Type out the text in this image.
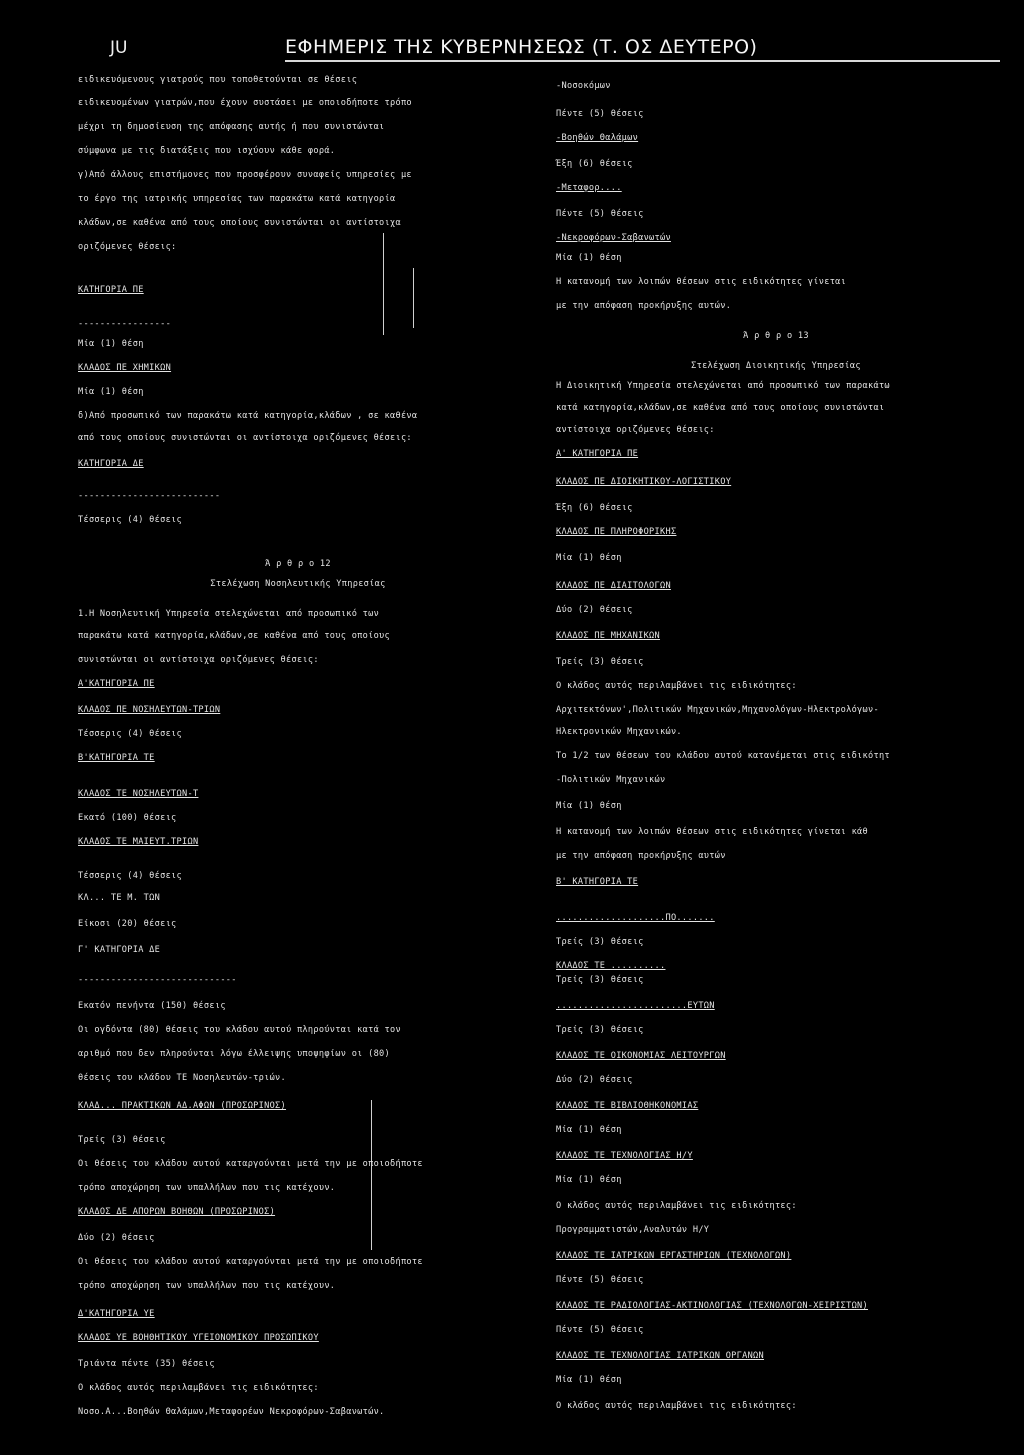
JU	ΕΦΗΜΕΡΙΣ ΤΗΣ ΚΥΒΕΡΝΗΣΕΩΣ (Τ. ΟΣ ΔΕΥΤΕΡΟ)
ειδικευόμενους γιατρούς που τοποθετούνται σε θέσεις
ειδικευομένων γιατρών,που έχουν συστάσει με οποιοδήποτε τρόπο
μέχρι τη δημοσίευση της απόφασης αυτής ή που συνιστώνται
σύμφωνα με τις διατάξεις που ισχύουν κάθε φορά.
γ)Από άλλους επιστήμονες που προσφέρουν συναφείς υπηρεσίες με
το έργο της ιατρικής υπηρεσίας των παρακάτω κατά κατηγορία
κλάδων,σε καθένα από τους οποίους συνιστώνται οι αντίστοιχα
οριζόμενες θέσεις:
ΚΑΤΗΓΟΡΙΑ ΠΕ
-----------------
Μία (1) θέση
ΚΛΑΔΟΣ ΠΕ ΧΗΜΙΚΩΝ
Μία (1) θέση
δ)Από προσωπικό των παρακάτω κατά κατηγορία,κλάδων , σε καθένα
από τους οποίους συνιστώνται οι αντίστοιχα οριζόμενες θέσεις:
ΚΑΤΗΓΟΡΙΑ ΔΕ
--------------------------
Τέσσερις (4) θέσεις
Ά ρ θ ρ ο 12
Στελέχωση Νοσηλευτικής Υπηρεσίας
1.Η Νοσηλευτική Υπηρεσία στελεχώνεται από προσωπικό των
παρακάτω κατά κατηγορία,κλάδων,σε καθένα από τους οποίους
συνιστώνται οι αντίστοιχα οριζόμενες θέσεις:
Α'ΚΑΤΗΓΟΡΙΑ ΠΕ
ΚΛΑΔΟΣ ΠΕ ΝΟΣΗΛΕΥΤΩΝ-ΤΡΙΩΝ
Τέσσερις (4) θέσεις
Β'ΚΑΤΗΓΟΡΙΑ ΤΕ
ΚΛΑΔΟΣ ΤΕ ΝΟΣΗΛΕΥΤΩΝ-Τ
Εκατό (100) θέσεις
ΚΛΑΔΟΣ ΤΕ ΜΑΙΕΥΤ.ΤΡΙΩΝ
Τέσσερις (4) θέσεις
ΚΛ... ΤΕ Μ. ΤΩΝ
Είκοσι (20) θέσεις
Γ' ΚΑΤΗΓΟΡΙΑ ΔΕ
-----------------------------
Εκατόν πενήντα (150) θέσεις
Οι ογδόντα (80) θέσεις του κλάδου αυτού πληρούνται κατά τον
αριθμό που δεν πληρούνται λόγω έλλειψης υποψηφίων οι (80)
θέσεις του κλάδου ΤΕ Νοσηλευτών-τριών.
ΚΛΑΔ... ΠΡΑΚΤΙΚΩΝ ΑΔ.ΑΦΩΝ (ΠΡΟΣΩΡΙΝΟΣ)
Τρείς (3) θέσεις
Οι θέσεις του κλάδου αυτού καταργούνται μετά την με οποιοδήποτε
τρόπο αποχώρηση των υπαλλήλων που τις κατέχουν.
ΚΛΑΔΟΣ ΔΕ ΑΠΟΡΩΝ ΒΟΗΘΩΝ (ΠΡΟΣΩΡΙΝΟΣ)
Δύο (2) θέσεις
Οι θέσεις του κλάδου αυτού καταργούνται μετά την με οποιοδήποτε
τρόπο αποχώρηση των υπαλλήλων που τις κατέχουν.
Δ'ΚΑΤΗΓΟΡΙΑ ΥΕ
ΚΛΑΔΟΣ ΥΕ ΒΟΗΘΗΤΙΚΟΥ ΥΓΕΙΟΝΟΜΙΚΟΥ ΠΡΟΣΩΠΙΚΟΥ
Τριάντα πέντε (35) θέσεις
Ο κλάδος αυτός περιλαμβάνει τις ειδικότητες:
Νοσο.Α...Βοηθών Θαλάμων,Μεταφορέων Νεκροφόρων-Σαβανωτών.
-Νοσοκόμων
Πέντε (5) θέσεις
-Βοηθών Θαλάμων
Έξη (6) θέσεις
-Μεταφορ....
Πέντε (5) θέσεις
-Νεκροφόρων-Σαβανωτών
Μία (1) θέση
Η κατανομή των λοιπών θέσεων στις ειδικότητες γίνεται
με την απόφαση προκήρυξης αυτών.
Ά ρ θ ρ ο 13
Στελέχωση Διοικητικής Υπηρεσίας
Η Διοικητική Υπηρεσία στελεχώνεται από προσωπικό των παρακάτω
κατά κατηγορία,κλάδων,σε καθένα από τους οποίους συνιστώνται
αντίστοιχα οριζόμενες θέσεις:
Α' ΚΑΤΗΓΟΡΙΑ ΠΕ
ΚΛΑΔΟΣ ΠΕ ΔΙΟΙΚΗΤΙΚΟΥ-ΛΟΓΙΣΤΙΚΟΥ
Έξη (6) θέσεις
ΚΛΑΔΟΣ ΠΕ ΠΛΗΡΟΦΟΡΙΚΗΣ
Μία (1) θέση
ΚΛΑΔΟΣ ΠΕ ΔΙΑΙΤΟΛΟΓΩΝ
Δύο (2) θέσεις
ΚΛΑΔΟΣ ΠΕ ΜΗΧΑΝΙΚΩΝ
Τρείς (3) θέσεις
Ο κλάδος αυτός περιλαμβάνει τις ειδικότητες:
Αρχιτεκτόνων',Πολιτικών Μηχανικών,Μηχανολόγων-Ηλεκτρολόγων-
Ηλεκτρονικών Μηχανικών.
Το 1/2 των θέσεων του κλάδου αυτού κατανέμεται στις ειδικότητ
-Πολιτικών Μηχανικών
Μία (1) θέση
Η κατανομή των λοιπών θέσεων στις ειδικότητες γίνεται κάθ
με την απόφαση προκήρυξης αυτών
Β' ΚΑΤΗΓΟΡΙΑ ΤΕ
....................ΠΟ.......
Τρείς (3) θέσεις
ΚΛΑΔΟΣ ΤΕ ..........
Τρείς (3) θέσεις
........................ΕΥΤΩΝ
Τρείς (3) θέσεις
ΚΛΑΔΟΣ ΤΕ ΟΙΚΟΝΟΜΙΑΣ ΛΕΙΤΟΥΡΓΩΝ
Δύο (2) θέσεις
ΚΛΑΔΟΣ ΤΕ ΒΙΒΛΙΟΘΗΚΟΝΟΜΙΑΣ
Μία (1) θέση
ΚΛΑΔΟΣ ΤΕ ΤΕΧΝΟΛΟΓΙΑΣ Η/Υ
Μία (1) θέση
Ο κλάδος αυτός περιλαμβάνει τις ειδικότητες:
Προγραμματιστών,Αναλυτών Η/Υ
ΚΛΑΔΟΣ ΤΕ ΙΑΤΡΙΚΩΝ ΕΡΓΑΣΤΗΡΙΩΝ (ΤΕΧΝΟΛΟΓΩΝ)
Πέντε (5) θέσεις
ΚΛΑΔΟΣ ΤΕ ΡΑΔΙΟΛΟΓΙΑΣ-ΑΚΤΙΝΟΛΟΓΙΑΣ (ΤΕΧΝΟΛΟΓΩΝ-ΧΕΙΡΙΣΤΩΝ)
Πέντε (5) θέσεις
ΚΛΑΔΟΣ ΤΕ ΤΕΧΝΟΛΟΓΙΑΣ ΙΑΤΡΙΚΩΝ ΟΡΓΑΝΩΝ
Μία (1) θέση
Ο κλάδος αυτός περιλαμβάνει τις ειδικότητες:
